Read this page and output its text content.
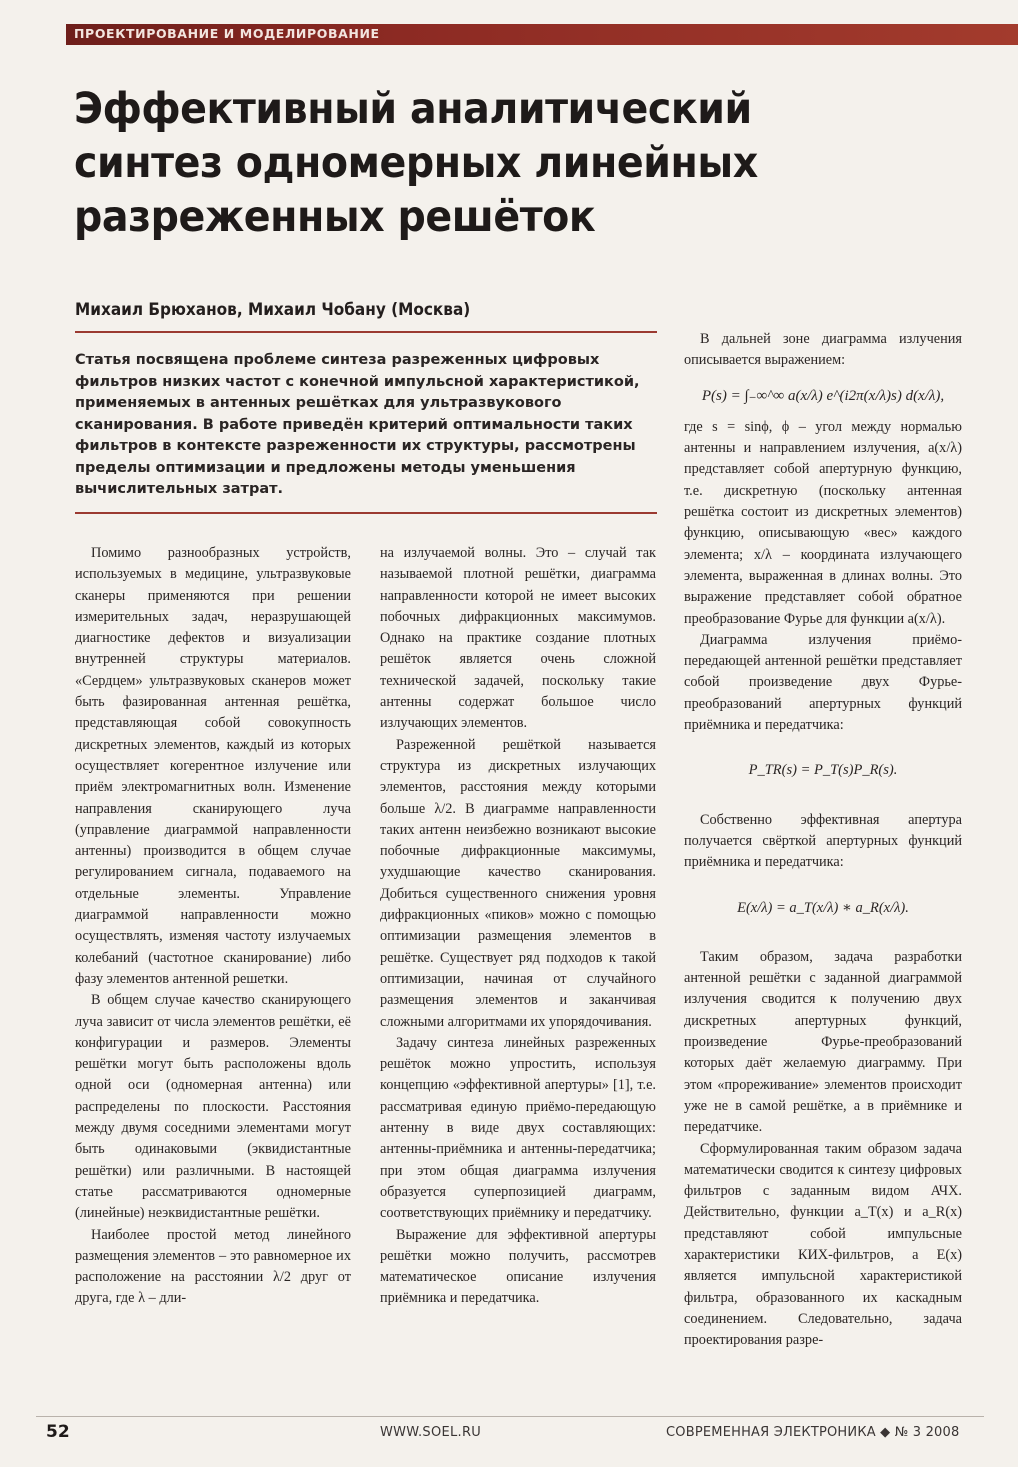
ПРОЕКТИРОВАНИЕ И МОДЕЛИРОВАНИЕ
Эффективный аналитический синтез одномерных линейных разреженных решёток

Михаил Брюханов, Михаил Чобану (Москва)

Статья посвящена проблеме синтеза разреженных цифровых фильтров низких частот с конечной импульсной характеристикой, применяемых в антенных решётках для ультразвукового сканирования. В работе приведён критерий оптимальности таких фильтров в контексте разреженности их структуры, рассмотрены пределы оптимизации и предложены методы уменьшения вычислительных затрат.

Помимо разнообразных устройств, используемых в медицине, ультразвуковые сканеры применяются при решении измерительных задач, неразрушающей диагностике дефектов и визуализации внутренней структуры материалов. «Сердцем» ультразвуковых сканеров может быть фазированная антенная решётка, представляющая собой совокупность дискретных элементов, каждый из которых осуществляет когерентное излучение или приём электромагнитных волн. Изменение направления сканирующего луча (управление диаграммой направленности антенны) производится в общем случае регулированием сигнала, подаваемого на отдельные элементы. Управление диаграммой направленности можно осуществлять, изменяя частоту излучаемых колебаний (частотное сканирование) либо фазу элементов антенной решетки.

В общем случае качество сканирующего луча зависит от числа элементов решётки, её конфигурации и размеров. Элементы решётки могут быть расположены вдоль одной оси (одномерная антенна) или распределены по плоскости. Расстояния между двумя соседними элементами могут быть одинаковыми (эквидистантные решётки) или различными. В настоящей статье рассматриваются одномерные (линейные) неэквидистантные решётки.

Наиболее простой метод линейного размещения элементов – это равномерное их расположение на расстоянии λ/2 друг от друга, где λ – дли-

на излучаемой волны. Это – случай так называемой плотной решётки, диаграмма направленности которой не имеет высоких побочных дифракционных максимумов. Однако на практике создание плотных решёток является очень сложной технической задачей, поскольку такие антенны содержат большое число излучающих элементов.

Разреженной решёткой называется структура из дискретных излучающих элементов, расстояния между которыми больше λ/2. В диаграмме направленности таких антенн неизбежно возникают высокие побочные дифракционные максимумы, ухудшающие качество сканирования. Добиться существенного снижения уровня дифракционных «пиков» можно с помощью оптимизации размещения элементов в решётке. Существует ряд подходов к такой оптимизации, начиная от случайного размещения элементов и заканчивая сложными алгоритмами их упорядочивания.

Задачу синтеза линейных разреженных решёток можно упростить, используя концепцию «эффективной апертуры» [1], т.е. рассматривая единую приёмо-передающую антенну в виде двух составляющих: антенны-приёмника и антенны-передатчика; при этом общая диаграмма излучения образуется суперпозицией диаграмм, соответствующих приёмнику и передатчику.

Выражение для эффективной апертуры решётки можно получить, рассмотрев математическое описание излучения приёмника и передатчика.

В дальней зоне диаграмма излучения описывается выражением:

P(s) = ∫₋∞^∞ a(x/λ) e^(i2π(x/λ)s) d(x/λ),

где s = sinϕ, ϕ – угол между нормалью антенны и направлением излучения, a(x/λ) представляет собой апертурную функцию, т.е. дискретную (поскольку антенная решётка состоит из дискретных элементов) функцию, описывающую «вес» каждого элемента; x/λ – координата излучающего элемента, выраженная в длинах волны. Это выражение представляет собой обратное преобразование Фурье для функции a(x/λ).

Диаграмма излучения приёмо-передающей антенной решётки представляет собой произведение двух Фурье-преобразований апертурных функций приёмника и передатчика:

P_TR(s) = P_T(s)P_R(s).

Собственно эффективная апертура получается свёрткой апертурных функций приёмника и передатчика:

E(x/λ) = a_T(x/λ) ∗ a_R(x/λ).

Таким образом, задача разработки антенной решётки с заданной диаграммой излучения сводится к получению двух дискретных апертурных функций, произведение Фурье-преобразований которых даёт желаемую диаграмму. При этом «прореживание» элементов происходит уже не в самой решётке, а в приёмнике и передатчике.

Сформулированная таким образом задача математически сводится к синтезу цифровых фильтров с заданным видом АЧХ. Действительно, функции a_T(x) и a_R(x) представляют собой импульсные характеристики КИХ-фильтров, а E(x) является импульсной характеристикой фильтра, образованного их каскадным соединением. Следовательно, задача проектирования разре-

52	WWW.SOEL.RU	СОВРЕМЕННАЯ ЭЛЕКТРОНИКА ◆ № 3 2008
